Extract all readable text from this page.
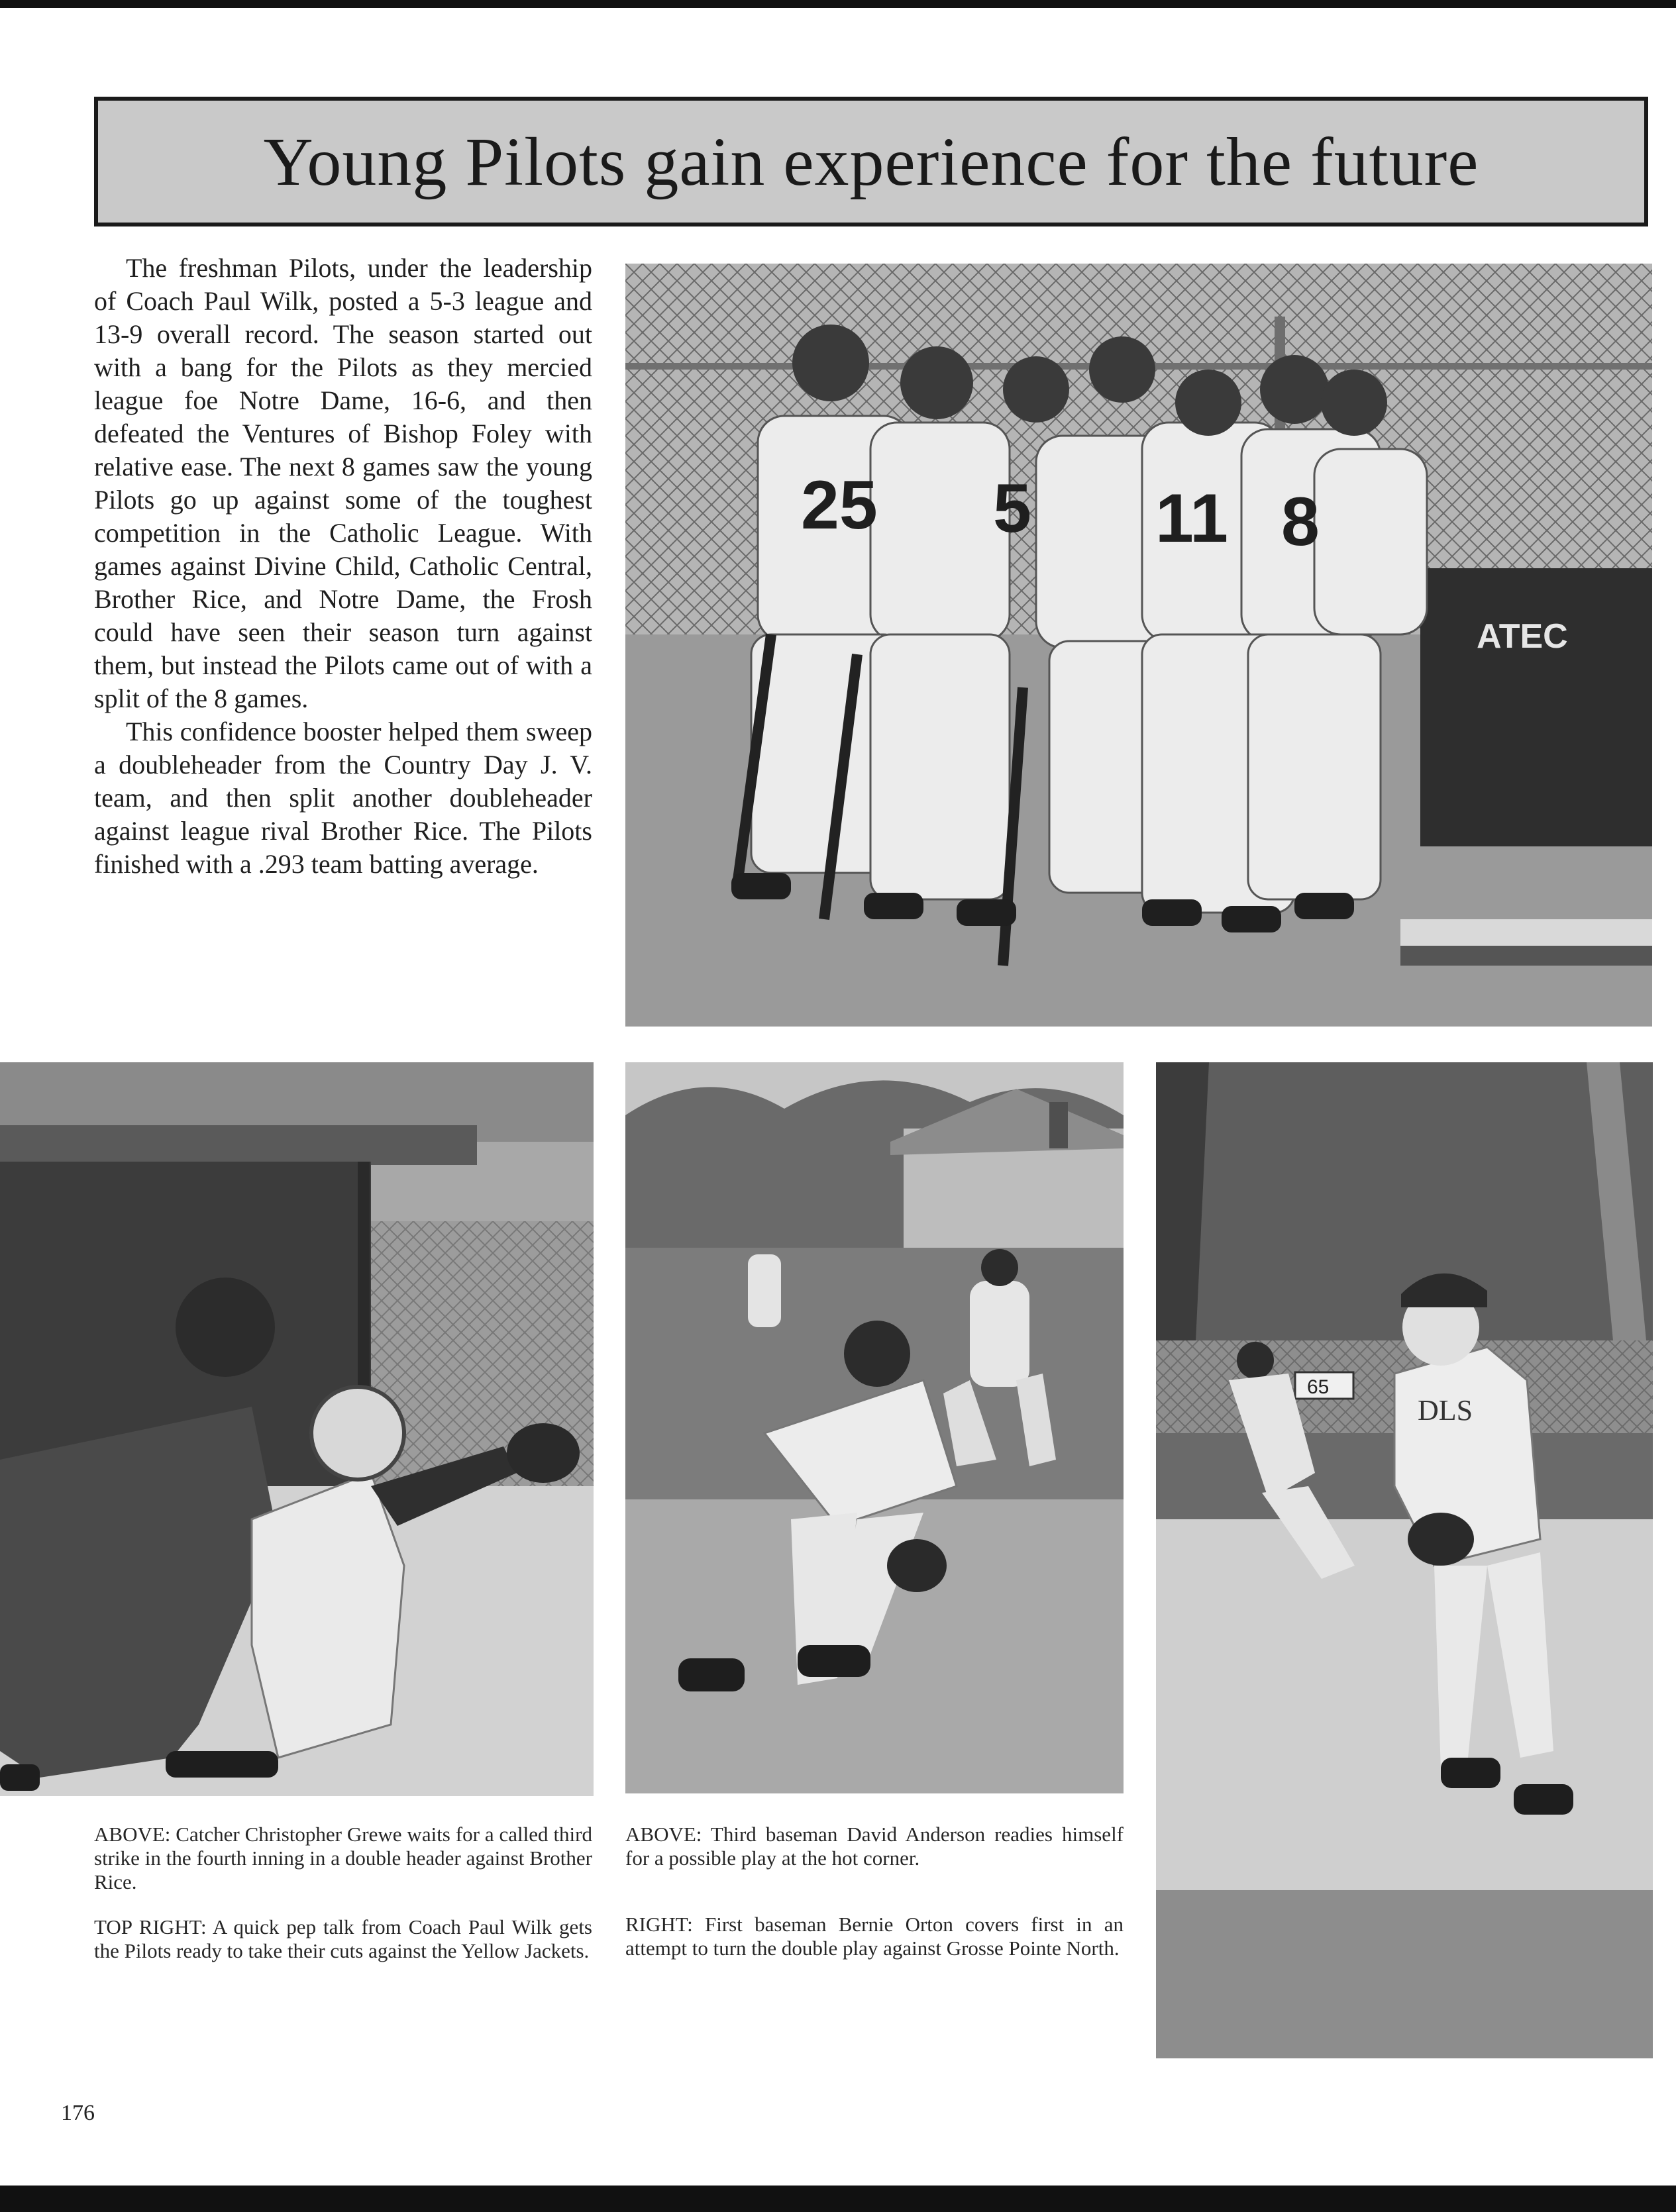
Young Pilots gain experience for the future

The freshman Pilots, under the leadership of Coach Paul Wilk, posted a 5-3 league and 13-9 overall record. The season started out with a bang for the Pilots as they mercied league foe Notre Dame, 16-6, and then defeated the Ventures of Bishop Foley with relative ease. The next 8 games saw the young Pilots go up against some of the toughest competition in the Catholic League. With games against Divine Child, Catholic Central, Brother Rice, and Notre Dame, the Frosh could have seen their season turn against them, but instead the Pilots came out of with a split of the 8 games.

This confidence booster helped them sweep a doubleheader from the Country Day J. V. team, and then split another doubleheader against league rival Brother Rice. The Pilots finished with a .293 team batting average.

ATEC
25 5 11 8
65
DLS

ABOVE: Catcher Christopher Grewe waits for a called third strike in the fourth inning in a double header against Brother Rice.

TOP RIGHT: A quick pep talk from Coach Paul Wilk gets the Pilots ready to take their cuts against the Yellow Jackets.

ABOVE: Third baseman David Anderson readies himself for a possible play at the hot corner.

RIGHT: First baseman Bernie Orton covers first in an attempt to turn the double play against Grosse Pointe North.

176
